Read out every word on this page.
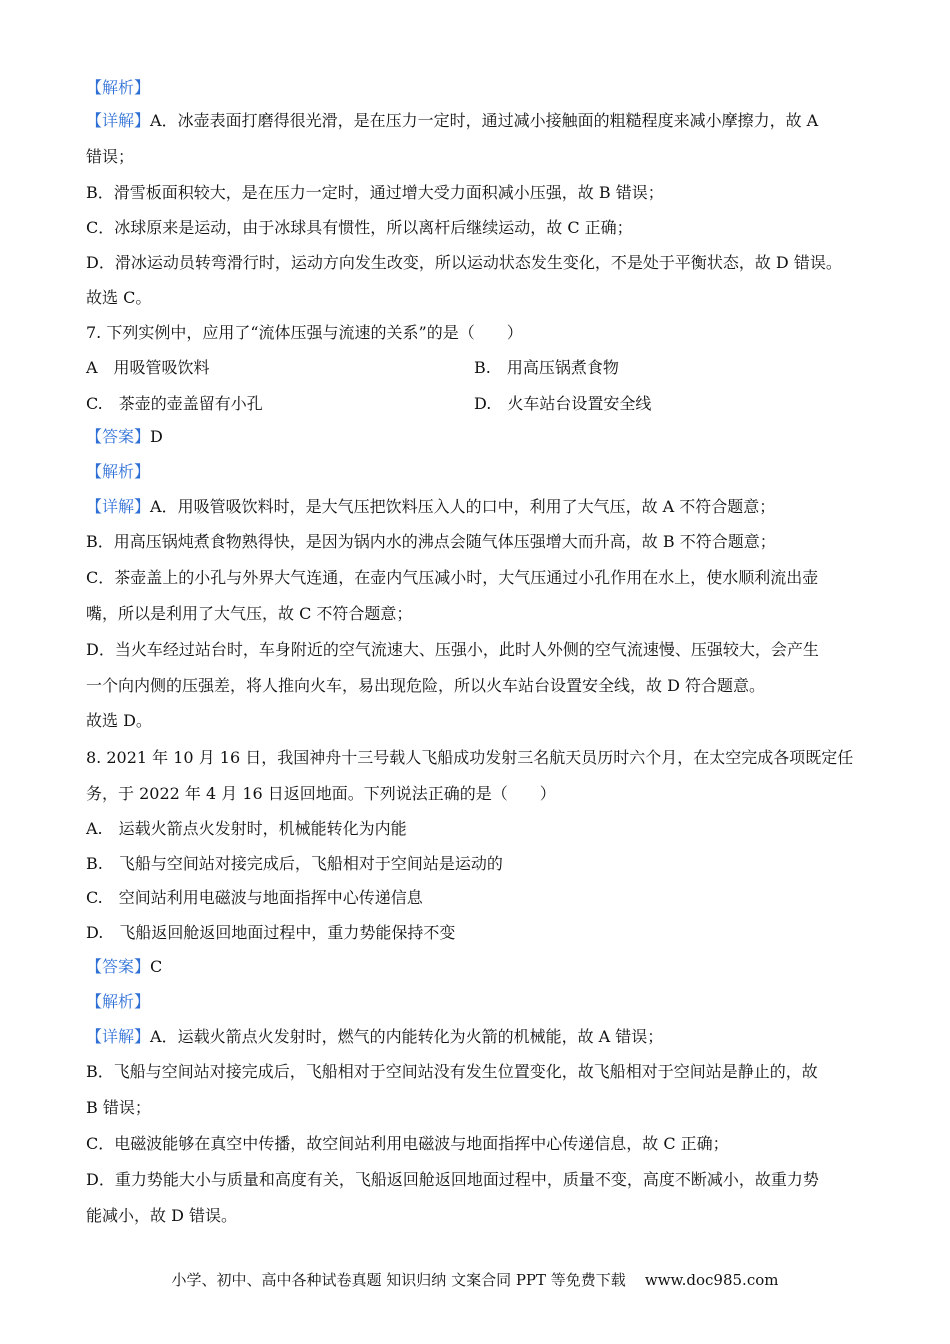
【解析】
【详解】A．冰壶表面打磨得很光滑，是在压力一定时，通过减小接触面的粗糙程度来减小摩擦力，故 A
错误；
B．滑雪板面积较大，是在压力一定时，通过增大受力面积减小压强，故 B 错误；
C．冰球原来是运动，由于冰球具有惯性，所以离杆后继续运动，故 C 正确；
D．滑冰运动员转弯滑行时，运动方向发生改变，所以运动状态发生变化，不是处于平衡状态，故 D 错误。
故选 C。
7. 下列实例中，应用了“流体压强与流速的关系”的是（　　）
A　用吸管吸饮料	B.　用高压锅煮食物
C.　茶壶的壶盖留有小孔	D.　火车站台设置安全线
【答案】D
【解析】
【详解】A．用吸管吸饮料时，是大气压把饮料压入人的口中，利用了大气压，故 A 不符合题意；
B．用高压锅炖煮食物熟得快，是因为锅内水的沸点会随气体压强增大而升高，故 B 不符合题意；
C．茶壶盖上的小孔与外界大气连通，在壶内气压减小时，大气压通过小孔作用在水上，使水顺利流出壶
嘴，所以是利用了大气压，故 C 不符合题意；
D．当火车经过站台时，车身附近的空气流速大、压强小，此时人外侧的空气流速慢、压强较大，会产生
一个向内侧的压强差，将人推向火车，易出现危险，所以火车站台设置安全线，故 D 符合题意。
故选 D。
8. 2021 年 10 月 16 日，我国神舟十三号载人飞船成功发射三名航天员历时六个月，在太空完成各项既定任
务，于 2022 年 4 月 16 日返回地面。下列说法正确的是（　　）
A.　运载火箭点火发射时，机械能转化为内能
B.　飞船与空间站对接完成后，飞船相对于空间站是运动的
C.　空间站利用电磁波与地面指挥中心传递信息
D.　飞船返回舱返回地面过程中，重力势能保持不变
【答案】C
【解析】
【详解】A．运载火箭点火发射时，燃气的内能转化为火箭的机械能，故 A 错误；
B．飞船与空间站对接完成后，飞船相对于空间站没有发生位置变化，故飞船相对于空间站是静止的，故
B 错误；
C．电磁波能够在真空中传播，故空间站利用电磁波与地面指挥中心传递信息，故 C 正确；
D．重力势能大小与质量和高度有关，飞船返回舱返回地面过程中，质量不变，高度不断减小，故重力势
能减小，故 D 错误。
小学、初中、高中各种试卷真题 知识归纳 文案合同 PPT 等免费下载 www.doc985.com
